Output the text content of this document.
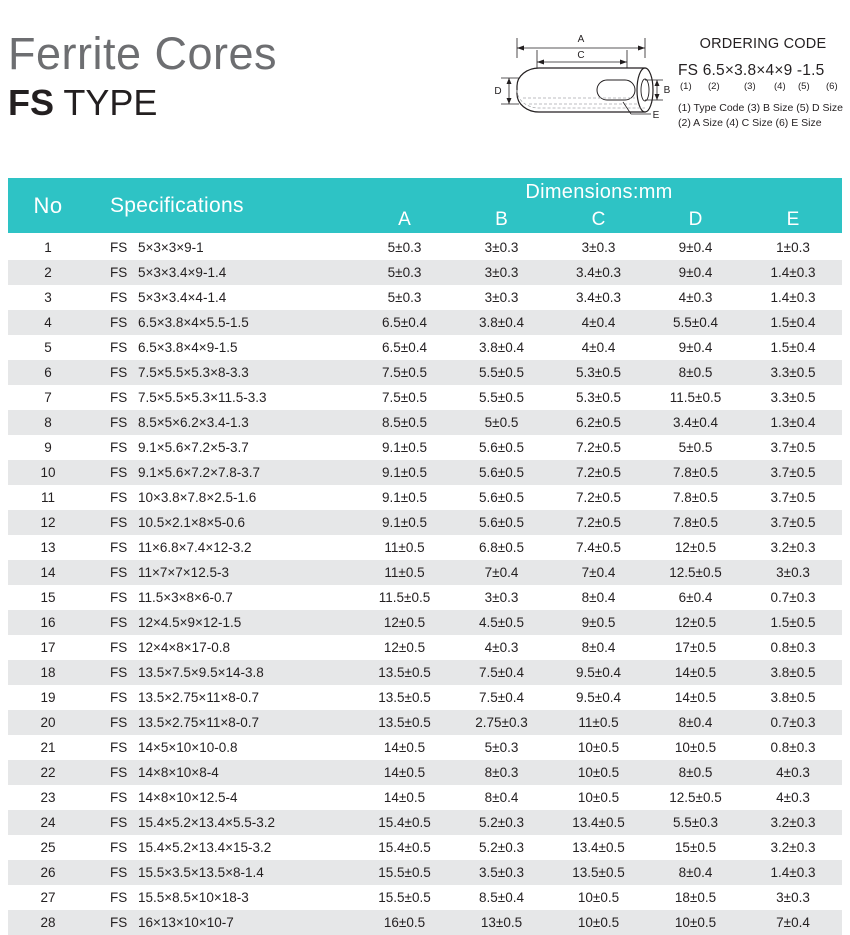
Ferrite Cores
FS TYPE
A
C
B
D
E
ORDERING CODE
FS 6.5×3.8×4×9 -1.5
(1) (2)	(3) (4) (5) (6)
(1) Type Code (3) B Size (5) D Size
(2) A Size (4) C Size (6) E Size
No	Specifications	Dimensions:mm				
		A	B	C	D	E

1	FS 5×3×3×9-1	5±0.3	3±0.3	3±0.3	9±0.4	1±0.3
2	FS 5×3×3.4×9-1.4	5±0.3	3±0.3	3.4±0.3	9±0.4	1.4±0.3
3	FS 5×3×3.4×4-1.4	5±0.3	3±0.3	3.4±0.3	4±0.3	1.4±0.3
4	FS 6.5×3.8×4×5.5-1.5	6.5±0.4	3.8±0.4	4±0.4	5.5±0.4	1.5±0.4
5	FS 6.5×3.8×4×9-1.5	6.5±0.4	3.8±0.4	4±0.4	9±0.4	1.5±0.4
6	FS 7.5×5.5×5.3×8-3.3	7.5±0.5	5.5±0.5	5.3±0.5	8±0.5	3.3±0.5
7	FS 7.5×5.5×5.3×11.5-3.3	7.5±0.5	5.5±0.5	5.3±0.5	11.5±0.5	3.3±0.5
8	FS 8.5×5×6.2×3.4-1.3	8.5±0.5	5±0.5	6.2±0.5	3.4±0.4	1.3±0.4
9	FS 9.1×5.6×7.2×5-3.7	9.1±0.5	5.6±0.5	7.2±0.5	5±0.5	3.7±0.5
10	FS 9.1×5.6×7.2×7.8-3.7	9.1±0.5	5.6±0.5	7.2±0.5	7.8±0.5	3.7±0.5
11	FS 10×3.8×7.8×2.5-1.6	9.1±0.5	5.6±0.5	7.2±0.5	7.8±0.5	3.7±0.5
12	FS 10.5×2.1×8×5-0.6	9.1±0.5	5.6±0.5	7.2±0.5	7.8±0.5	3.7±0.5
13	FS 11×6.8×7.4×12-3.2	11±0.5	6.8±0.5	7.4±0.5	12±0.5	3.2±0.3
14	FS 11×7×7×12.5-3	11±0.5	7±0.4	7±0.4	12.5±0.5	3±0.3
15	FS 11.5×3×8×6-0.7	11.5±0.5	3±0.3	8±0.4	6±0.4	0.7±0.3
16	FS 12×4.5×9×12-1.5	12±0.5	4.5±0.5	9±0.5	12±0.5	1.5±0.5
17	FS 12×4×8×17-0.8	12±0.5	4±0.3	8±0.4	17±0.5	0.8±0.3
18	FS 13.5×7.5×9.5×14-3.8	13.5±0.5	7.5±0.4	9.5±0.4	14±0.5	3.8±0.5
19	FS 13.5×2.75×11×8-0.7	13.5±0.5	7.5±0.4	9.5±0.4	14±0.5	3.8±0.5
20	FS 13.5×2.75×11×8-0.7	13.5±0.5	2.75±0.3	11±0.5	8±0.4	0.7±0.3
21	FS 14×5×10×10-0.8	14±0.5	5±0.3	10±0.5	10±0.5	0.8±0.3
22	FS 14×8×10×8-4	14±0.5	8±0.3	10±0.5	8±0.5	4±0.3
23	FS 14×8×10×12.5-4	14±0.5	8±0.4	10±0.5	12.5±0.5	4±0.3
24	FS 15.4×5.2×13.4×5.5-3.2	15.4±0.5	5.2±0.3	13.4±0.5	5.5±0.3	3.2±0.3
25	FS 15.4×5.2×13.4×15-3.2	15.4±0.5	5.2±0.3	13.4±0.5	15±0.5	3.2±0.3
26	FS 15.5×3.5×13.5×8-1.4	15.5±0.5	3.5±0.3	13.5±0.5	8±0.4	1.4±0.3
27	FS 15.5×8.5×10×18-3	15.5±0.5	8.5±0.4	10±0.5	18±0.5	3±0.3
28	FS 16×13×10×10-7	16±0.5	13±0.5	10±0.5	10±0.5	7±0.4
